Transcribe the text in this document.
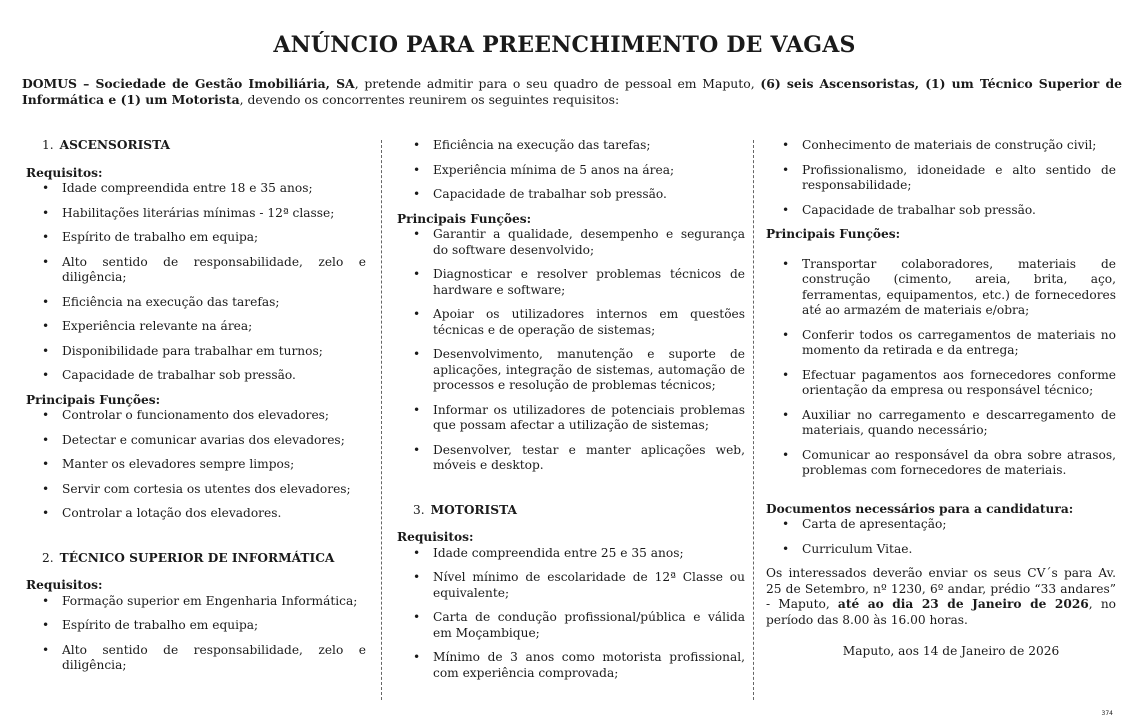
ANÚNCIO PARA PREENCHIMENTO DE VAGAS
DOMUS – Sociedade de Gestão Imobiliária, SA, pretende admitir para o seu quadro de pessoal em Maputo, (6) seis Ascensoristas, (1) um Técnico Superior de Informática e (1) um Motorista, devendo os concorrentes reunirem os seguintes requisitos:
1. ASCENSORISTA
Requisitos:
• Idade compreendida entre 18 e 35 anos;
• Habilitações literárias mínimas - 12ª classe;
• Espírito de trabalho em equipa;
• Alto sentido de responsabilidade, zelo e diligência;
• Eficiência na execução das tarefas;
• Experiência relevante na área;
• Disponibilidade para trabalhar em turnos;
• Capacidade de trabalhar sob pressão.
Principais Funções:
• Controlar o funcionamento dos elevadores;
• Detectar e comunicar avarias dos elevadores;
• Manter os elevadores sempre limpos;
• Servir com cortesia os utentes dos elevadores;
• Controlar a lotação dos elevadores.
2. TÉCNICO SUPERIOR DE INFORMÁTICA
Requisitos:
• Formação superior em Engenharia Informática;
• Espírito de trabalho em equipa;
• Alto sentido de responsabilidade, zelo e diligência;
• Eficiência na execução das tarefas;
• Experiência mínima de 5 anos na área;
• Capacidade de trabalhar sob pressão.
Principais Funções:
• Garantir a qualidade, desempenho e segurança do software desenvolvido;
• Diagnosticar e resolver problemas técnicos de hardware e software;
• Apoiar os utilizadores internos em questões técnicas e de operação de sistemas;
• Desenvolvimento, manutenção e suporte de aplicações, integração de sistemas, automação de processos e resolução de problemas técnicos;
• Informar os utilizadores de potenciais problemas que possam afectar a utilização de sistemas;
• Desenvolver, testar e manter aplicações web, móveis e desktop.
3. MOTORISTA
Requisitos:
• Idade compreendida entre 25 e 35 anos;
• Nível mínimo de escolaridade de 12ª Classe ou equivalente;
• Carta de condução profissional/pública e válida em Moçambique;
• Mínimo de 3 anos como motorista profissional, com experiência comprovada;
• Conhecimento de materiais de construção civil;
• Profissionalismo, idoneidade e alto sentido de responsabilidade;
• Capacidade de trabalhar sob pressão.
Principais Funções:
• Transportar colaboradores, materiais de construção (cimento, areia, brita, aço, ferramentas, equipamentos, etc.) de fornecedores até ao armazém de materiais e/obra;
• Conferir todos os carregamentos de materiais no momento da retirada e da entrega;
• Efectuar pagamentos aos fornecedores conforme orientação da empresa ou responsável técnico;
• Auxiliar no carregamento e descarregamento de materiais, quando necessário;
• Comunicar ao responsável da obra sobre atrasos, problemas com fornecedores de materiais.
Documentos necessários para a candidatura:
• Carta de apresentação;
• Curriculum Vitae.
Os interessados deverão enviar os seus CV´s para Av. 25 de Setembro, nº 1230, 6º andar, prédio “33 andares” - Maputo, até ao dia 23 de Janeiro de 2026, no período das 8.00 às 16.00 horas.
Maputo, aos 14 de Janeiro de 2026
374
